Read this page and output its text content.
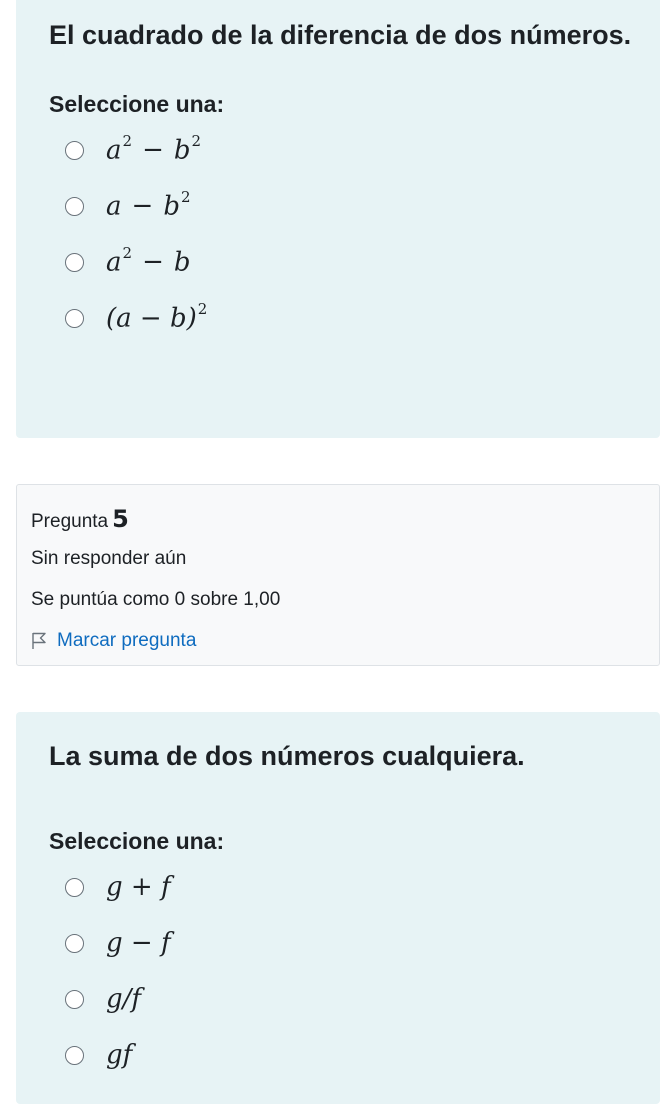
El cuadrado de la diferencia de dos números.

Seleccione una:

$a^2 - b^2$
$a - b^2$
$a^2 - b$
$(a - b)^2$

Pregunta 5

Sin responder aún
Se puntúa como 0 sobre 1,00
Marcar pregunta

La suma de dos números cualquiera.

Seleccione una:

g + f
g − f
g/f
gf
